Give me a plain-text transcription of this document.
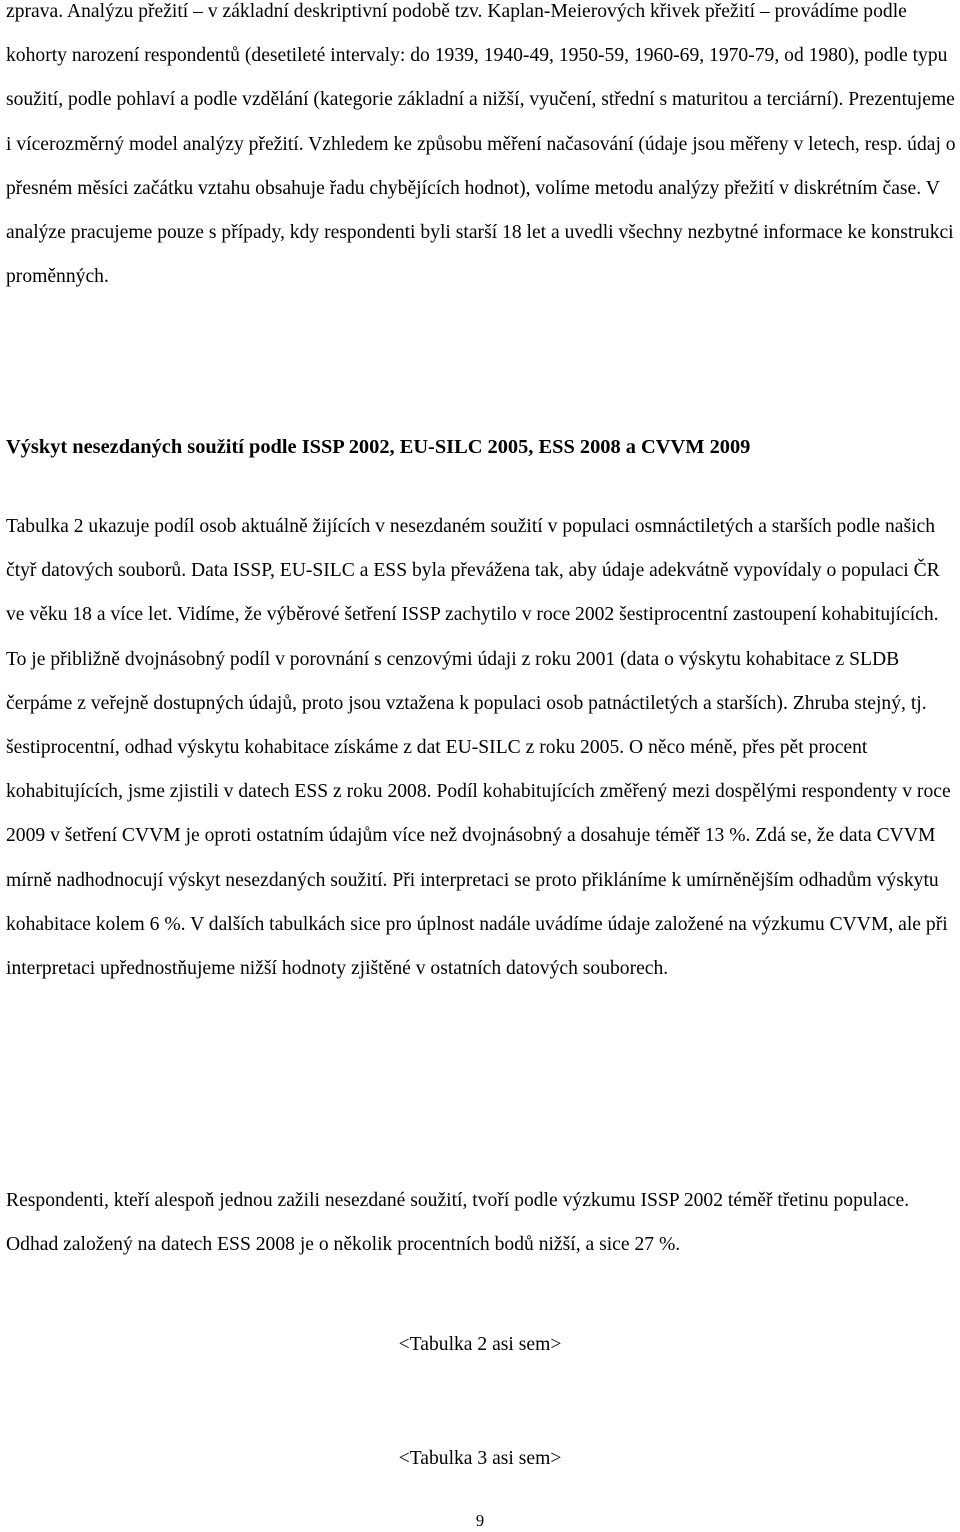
zprava. Analýzu přežití – v základní deskriptivní podobě tzv. Kaplan-Meierových křivek přežití – provádíme podle kohorty narození respondentů (desetileté intervaly: do 1939, 1940-49, 1950-59, 1960-69, 1970-79, od 1980), podle typu soužití, podle pohlaví a podle vzdělání (kategorie základní a nižší, vyučení, střední s maturitou a terciární). Prezentujeme i vícerozměrný model analýzy přežití. Vzhledem ke způsobu měření načasování (údaje jsou měřeny v letech, resp. údaj o přesném měsíci začátku vztahu obsahuje řadu chybějících hodnot), volíme metodu analýzy přežití v diskrétním čase. V analýze pracujeme pouze s případy, kdy respondenti byli starší 18 let a uvedli všechny nezbytné informace ke konstrukci proměnných.

Výskyt nesezdaných soužití podle ISSP 2002, EU-SILC 2005, ESS 2008 a CVVM 2009

Tabulka 2 ukazuje podíl osob aktuálně žijících v nesezdaném soužití v populaci osmnáctiletých a starších podle našich čtyř datových souborů. Data ISSP, EU-SILC a ESS byla převážena tak, aby údaje adekvátně vypovídaly o populaci ČR ve věku 18 a více let. Vidíme, že výběrové šetření ISSP zachytilo v roce 2002 šestiprocentní zastoupení kohabitujících. To je přibližně dvojnásobný podíl v porovnání s cenzovými údaji z roku 2001 (data o výskytu kohabitace z SLDB čerpáme z veřejně dostupných údajů, proto jsou vztažena k populaci osob patnáctiletých a starších). Zhruba stejný, tj. šestiprocentní, odhad výskytu kohabitace získáme z dat EU-SILC z roku 2005. O něco méně, přes pět procent kohabitujících, jsme zjistili v datech ESS z roku 2008. Podíl kohabitujících změřený mezi dospělými respondenty v roce 2009 v šetření CVVM je oproti ostatním údajům více než dvojnásobný a dosahuje téměř 13 %. Zdá se, že data CVVM mírně nadhodnocují výskyt nesezdaných soužití. Při interpretaci se proto přikláníme k umírněnějším odhadům výskytu kohabitace kolem 6 %. V dalších tabulkách sice pro úplnost nadále uvádíme údaje založené na výzkumu CVVM, ale při interpretaci upřednostňujeme nižší hodnoty zjištěné v ostatních datových souborech.

Respondenti, kteří alespoň jednou zažili nesezdané soužití, tvoří podle výzkumu ISSP 2002 téměř třetinu populace. Odhad založený na datech ESS 2008 je o několik procentních bodů nižší, a sice 27 %.

<Tabulka 2 asi sem>

<Tabulka 3 asi sem>

9
